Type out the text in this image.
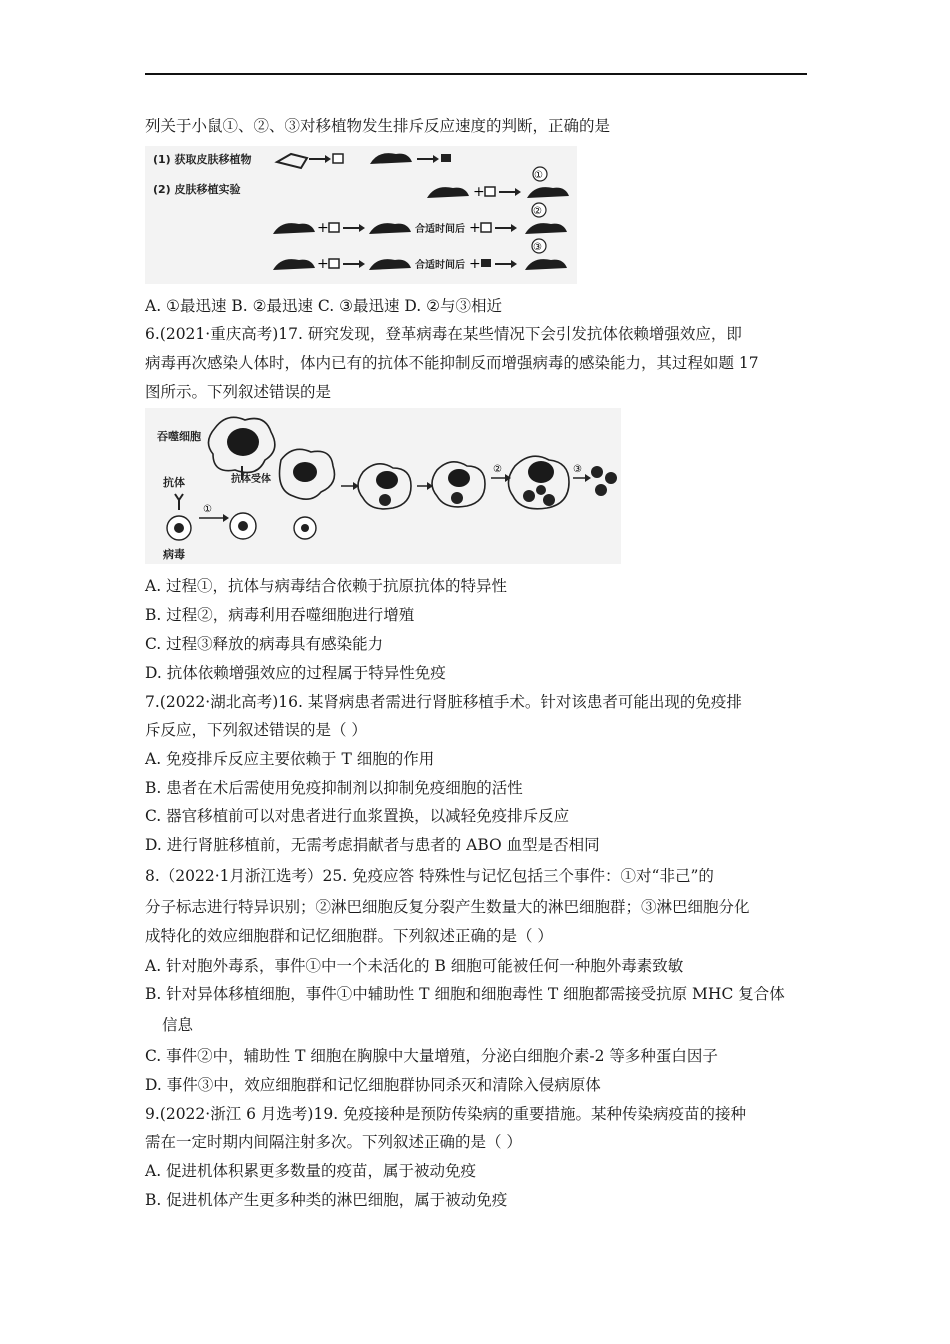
列关于小鼠①、②、③对移植物发生排斥反应速度的判断，正确的是
(1) 获取皮肤移植物
(2) 皮肤移植实验	+
①
+	合适时间后 +
②
+	合适时间后 +
③
A. ①最迅速 B. ②最迅速 C. ③最迅速 D. ②与③相近
6.(2021·重庆高考)17. 研究发现，登革病毒在某些情况下会引发抗体依赖增强效应，即
病毒再次感染人体时，体内已有的抗体不能抑制反而增强病毒的感染能力，其过程如题 17
图所示。下列叙述错误的是
吞噬细胞
抗体	抗体受体
病毒
①
②	③
A. 过程①，抗体与病毒结合依赖于抗原抗体的特异性
B. 过程②，病毒利用吞噬细胞进行增殖
C. 过程③释放的病毒具有感染能力
D. 抗体依赖增强效应的过程属于特异性免疫
7.(2022·湖北高考)16. 某肾病患者需进行肾脏移植手术。针对该患者可能出现的免疫排
斥反应，下列叙述错误的是（ ）
A. 免疫排斥反应主要依赖于 T 细胞的作用
B. 患者在术后需使用免疫抑制剂以抑制免疫细胞的活性
C. 器官移植前可以对患者进行血浆置换，以减轻免疫排斥反应
D. 进行肾脏移植前，无需考虑捐献者与患者的 ABO 血型是否相同
8.（2022·1月浙江选考）25. 免疫应答 特殊性与记忆包括三个事件：①对“非己”的
分子标志进行特异识别；②淋巴细胞反复分裂产生数量大的淋巴细胞群；③淋巴细胞分化
成特化的效应细胞群和记忆细胞群。下列叙述正确的是（ ）
A. 针对胞外毒系，事件①中一个未活化的 B 细胞可能被任何一种胞外毒素致敏
B. 针对异体移植细胞，事件①中辅助性 T 细胞和细胞毒性 T 细胞都需接受抗原 MHC 复合体
信息
C. 事件②中，辅助性 T 细胞在胸腺中大量增殖，分泌白细胞介素-2 等多种蛋白因子
D. 事件③中，效应细胞群和记忆细胞群协同杀灭和清除入侵病原体
9.(2022·浙江 6 月选考)19. 免疫接种是预防传染病的重要措施。某种传染病疫苗的接种
需在一定时期内间隔注射多次。下列叙述正确的是（ ）
A. 促进机体积累更多数量的疫苗，属于被动免疫
B. 促进机体产生更多种类的淋巴细胞，属于被动免疫
